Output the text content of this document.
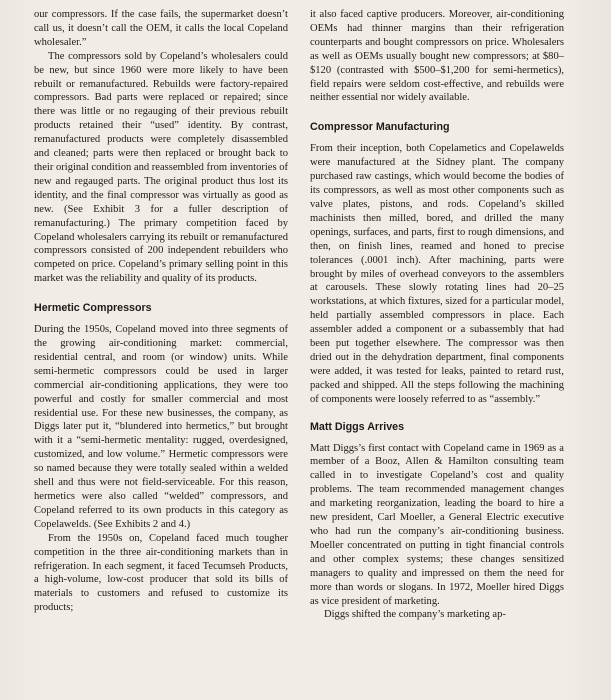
our compressors. If the case fails, the supermarket doesn’t call us, it doesn’t call the OEM, it calls the local Copeland wholesaler.”

The compressors sold by Copeland’s wholesalers could be new, but since 1960 were more likely to have been rebuilt or remanufactured. Rebuilds were factory-repaired compressors. Bad parts were replaced or repaired; since there was little or no regauging of their previous rebuilt products retained their “used” identity. By contrast, remanufactured products were completely disassembled and cleaned; parts were then replaced or brought back to their original condition and reassembled from inventories of new and regauged parts. The original product thus lost its identity, and the final compressor was virtually as good as new. (See Exhibit 3 for a fuller description of remanufacturing.) The primary competition faced by Copeland wholesalers carrying its rebuilt or remanufactured compressors consisted of 200 independent rebuilders who competed on price. Copeland’s primary selling point in this market was the reliability and quality of its products.

Hermetic Compressors

During the 1950s, Copeland moved into three segments of the growing air-conditioning market: commercial, residential central, and room (or window) units. While semi-hermetic compressors could be used in larger commercial air-conditioning applications, they were too powerful and costly for smaller commercial and most residential use. For these new businesses, the company, as Diggs later put it, “blundered into hermetics,” but brought with it a “semi-hermetic mentality: rugged, overdesigned, customized, and low volume.” Hermetic compressors were so named because they were totally sealed within a welded shell and thus were not field-serviceable. For this reason, hermetics were also called “welded” compressors, and Copeland referred to its own products in this category as Copelawelds. (See Exhibits 2 and 4.)

From the 1950s on, Copeland faced much tougher competition in the three air-conditioning markets than in refrigeration. In each segment, it faced Tecumseh Products, a high-volume, low-cost producer that sold its bills of materials to customers and refused to customize its products;

it also faced captive producers. Moreover, air-conditioning OEMs had thinner margins than their refrigeration counterparts and bought compressors on price. Wholesalers as well as OEMs usually bought new compressors; at $80–$120 (contrasted with $500–$1,200 for semi-hermetics), field repairs were seldom cost-effective, and rebuilds were neither essential nor widely available.

Compressor Manufacturing

From their inception, both Copelametics and Copelawelds were manufactured at the Sidney plant. The company purchased raw castings, which would become the bodies of its compressors, as well as most other components such as valve plates, pistons, and rods. Copeland’s skilled machinists then milled, bored, and drilled the many openings, surfaces, and parts, first to rough dimensions, and then, on finish lines, reamed and honed to precise tolerances (.0001 inch). After machining, parts were brought by miles of overhead conveyors to the assemblers at carousels. These slowly rotating lines had 20–25 workstations, at which fixtures, sized for a particular model, held partially assembled compressors in place. Each assembler added a component or a subassembly that had been put together elsewhere. The compressor was then dried out in the dehydration department, final components were added, it was tested for leaks, painted to retard rust, packed and shipped. All the steps following the machining of components were loosely referred to as “assembly.”

Matt Diggs Arrives

Matt Diggs’s first contact with Copeland came in 1969 as a member of a Booz, Allen & Hamilton consulting team called in to investigate Copeland’s cost and quality problems. The team recommended management changes and marketing reorganization, leading the board to hire a new president, Carl Moeller, a General Electric executive who had run the company’s air-conditioning business. Moeller concentrated on putting in tight financial controls and other complex systems; these changes sensitized managers to quality and impressed on them the need for more than words or slogans. In 1972, Moeller hired Diggs as vice president of marketing.

Diggs shifted the company’s marketing ap-
